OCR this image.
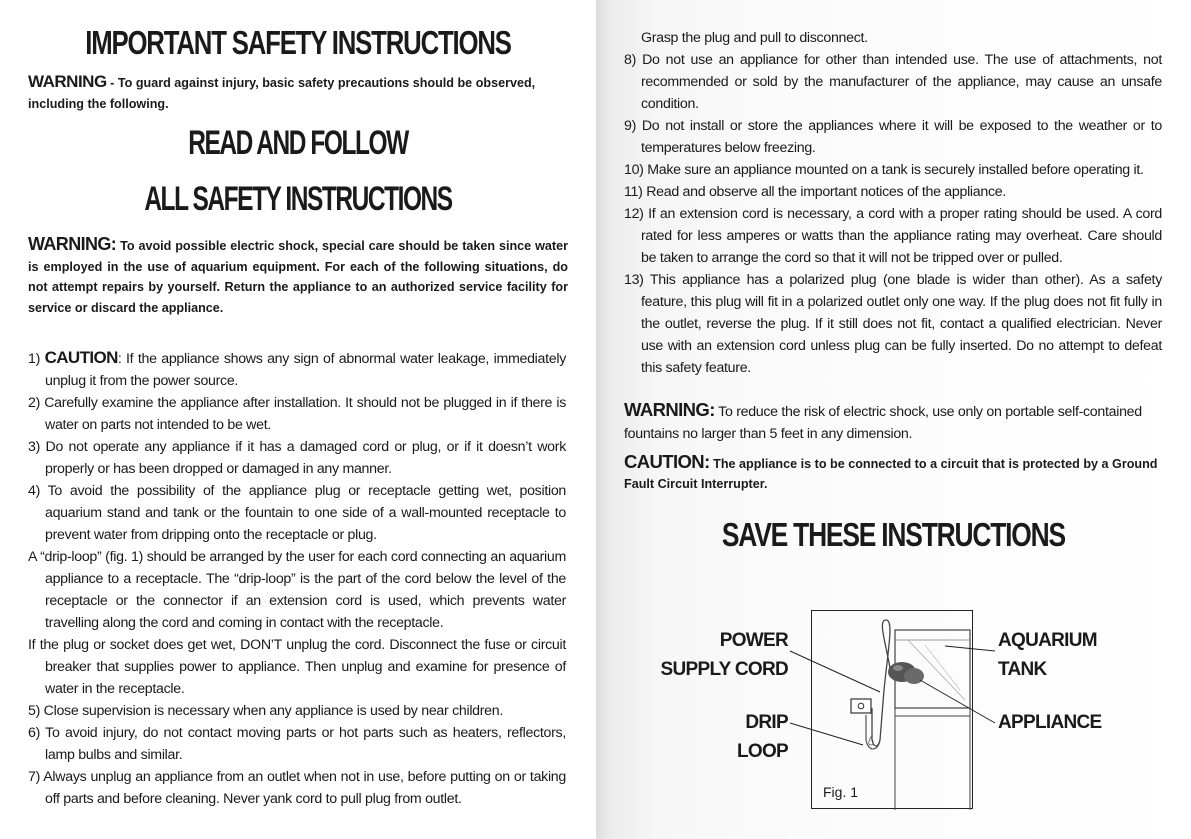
IMPORTANT SAFETY INSTRUCTIONS
WARNING - To guard against injury, basic safety precautions should be observed, including the following.
READ AND FOLLOW
ALL SAFETY INSTRUCTIONS
WARNING: To avoid possible electric shock, special care should be taken since water is employed in the use of aquarium equipment. For each of the following situations, do not attempt repairs by yourself. Return the appliance to an authorized service facility for service or discard the appliance.

1) CAUTION: If the appliance shows any sign of abnormal water leakage, immediately unplug it from the power source.

2) Carefully examine the appliance after installation. It should not be plugged in if there is water on parts not intended to be wet.

3) Do not operate any appliance if it has a damaged cord or plug, or if it doesn’t work properly or has been dropped or damaged in any manner.

4) To avoid the possibility of the appliance plug or receptacle getting wet, position aquarium stand and tank or the fountain to one side of a wall-mounted receptacle to prevent water from dripping onto the receptacle or plug.

A “drip-loop” (fig. 1) should be arranged by the user for each cord connecting an aquarium appliance to a receptacle. The “drip-loop” is the part of the cord below the level of the receptacle or the connector if an extension cord is used, which prevents water travelling along the cord and coming in contact with the receptacle.

If the plug or socket does get wet, DON’T unplug the cord. Disconnect the fuse or circuit breaker that supplies power to appliance. Then unplug and examine for presence of water in the receptacle.

5) Close supervision is necessary when any appliance is used by near children.

6) To avoid injury, do not contact moving parts or hot parts such as heaters, reflectors, lamp bulbs and similar.

7) Always unplug an appliance from an outlet when not in use, before putting on or taking off parts and before cleaning. Never yank cord to pull plug from outlet.

Grasp the plug and pull to disconnect.

8) Do not use an appliance for other than intended use. The use of attachments, not recommended or sold by the manufacturer of the appliance, may cause an unsafe condition.

9) Do not install or store the appliances where it will be exposed to the weather or to temperatures below freezing.

10) Make sure an appliance mounted on a tank is securely installed before operating it.

11) Read and observe all the important notices of the appliance.

12) If an extension cord is necessary, a cord with a proper rating should be used. A cord rated for less amperes or watts than the appliance rating may overheat. Care should be taken to arrange the cord so that it will not be tripped over or pulled.

13) This appliance has a polarized plug (one blade is wider than other). As a safety feature, this plug will fit in a polarized outlet only one way. If the plug does not fit fully in the outlet, reverse the plug. If it still does not fit, contact a qualified electrician. Never use with an extension cord unless plug can be fully inserted. Do no attempt to defeat this safety feature.

WARNING: To reduce the risk of electric shock, use only on portable self-contained fountains no larger than 5 feet in any dimension.
CAUTION: The appliance is to be connected to a circuit that is protected by a Ground Fault Circuit Interrupter.
SAVE THESE INSTRUCTIONS
POWER
SUPPLY CORD
DRIP
LOOP
AQUARIUM
TANK
APPLIANCE
Fig. 1
